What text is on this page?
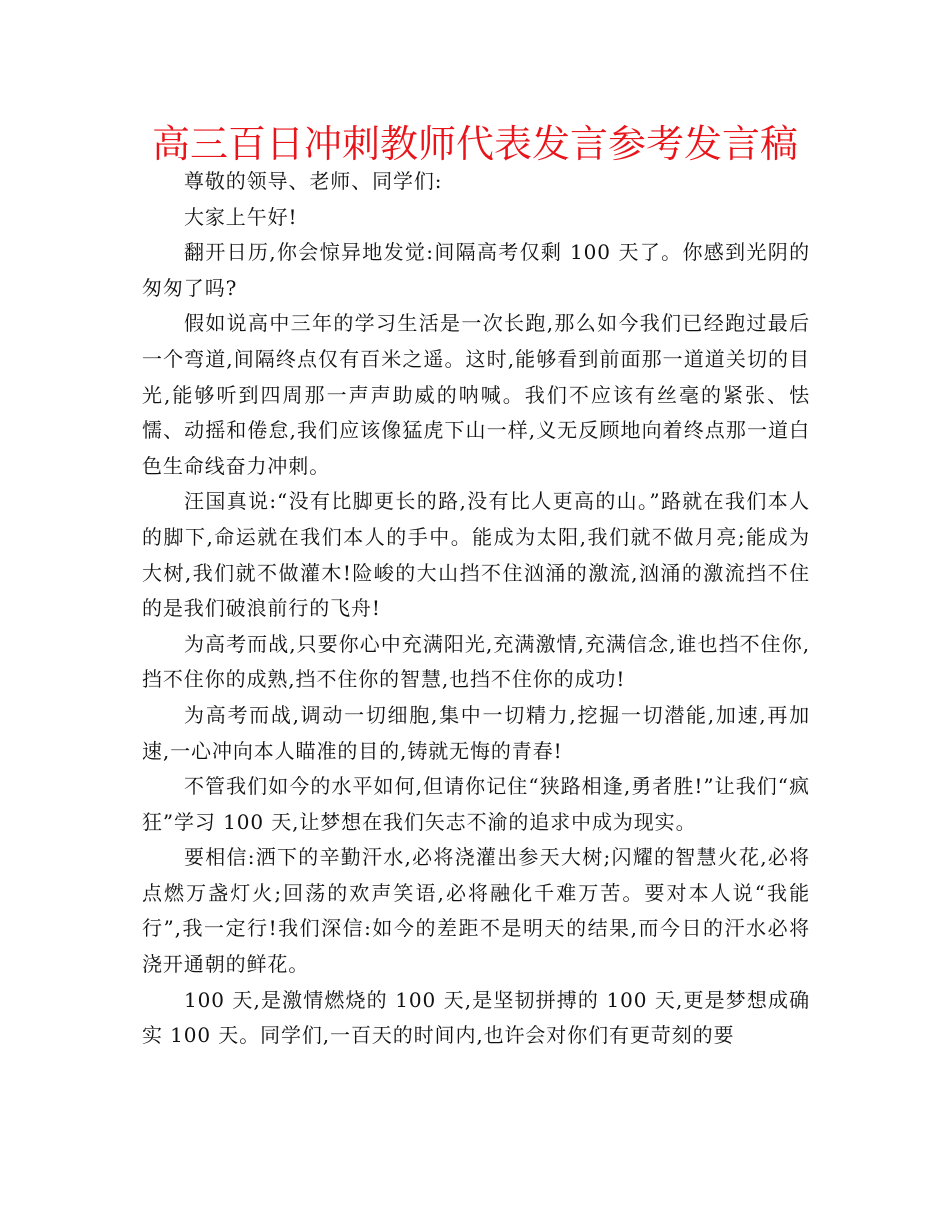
高三百日冲刺教师代表发言参考发言稿

尊敬的领导、老师、同学们:

大家上午好!

翻开日历,你会惊异地发觉:间隔高考仅剩 100 天了。你感到光阴的匆匆了吗?

假如说高中三年的学习生活是一次长跑,那么如今我们已经跑过最后一个弯道,间隔终点仅有百米之遥。这时,能够看到前面那一道道关切的目光,能够听到四周那一声声助威的呐喊。我们不应该有丝毫的紧张、怯懦、动摇和倦怠,我们应该像猛虎下山一样,义无反顾地向着终点那一道白色生命线奋力冲刺。

汪国真说:“没有比脚更长的路,没有比人更高的山。”路就在我们本人的脚下,命运就在我们本人的手中。能成为太阳,我们就不做月亮;能成为大树,我们就不做灌木!险峻的大山挡不住汹涌的激流,汹涌的激流挡不住的是我们破浪前行的飞舟!

为高考而战,只要你心中充满阳光,充满激情,充满信念,谁也挡不住你,挡不住你的成熟,挡不住你的智慧,也挡不住你的成功!

为高考而战,调动一切细胞,集中一切精力,挖掘一切潜能,加速,再加速,一心冲向本人瞄准的目的,铸就无悔的青春!

不管我们如今的水平如何,但请你记住“狭路相逢,勇者胜!”让我们“疯狂”学习 100 天,让梦想在我们矢志不渝的追求中成为现实。

要相信:洒下的辛勤汗水,必将浇灌出参天大树;闪耀的智慧火花,必将点燃万盏灯火;回荡的欢声笑语,必将融化千难万苦。要对本人说“我能行”,我一定行!我们深信:如今的差距不是明天的结果,而今日的汗水必将浇开通朝的鲜花。

100 天,是激情燃烧的 100 天,是坚韧拼搏的 100 天,更是梦想成确实 100 天。同学们,一百天的时间内,也许会对你们有更苛刻的要
